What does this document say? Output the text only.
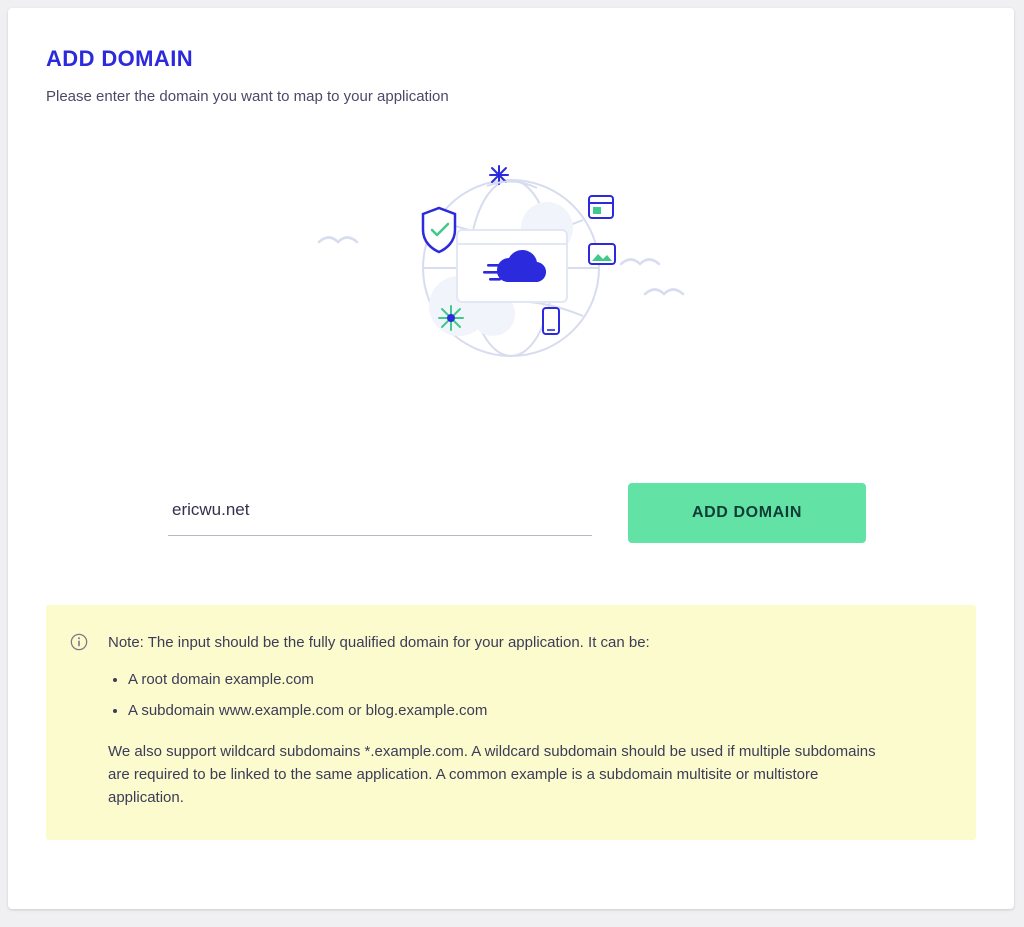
ADD DOMAIN

Please enter the domain you want to map to your application

ericwu.net
ADD DOMAIN

Note: The input should be the fully qualified domain for your application. It can be:

• A root domain example.com
• A subdomain www.example.com or blog.example.com

We also support wildcard subdomains *.example.com. A wildcard subdomain should be used if multiple subdomains are required to be linked to the same application. A common example is a subdomain multisite or multistore application.
